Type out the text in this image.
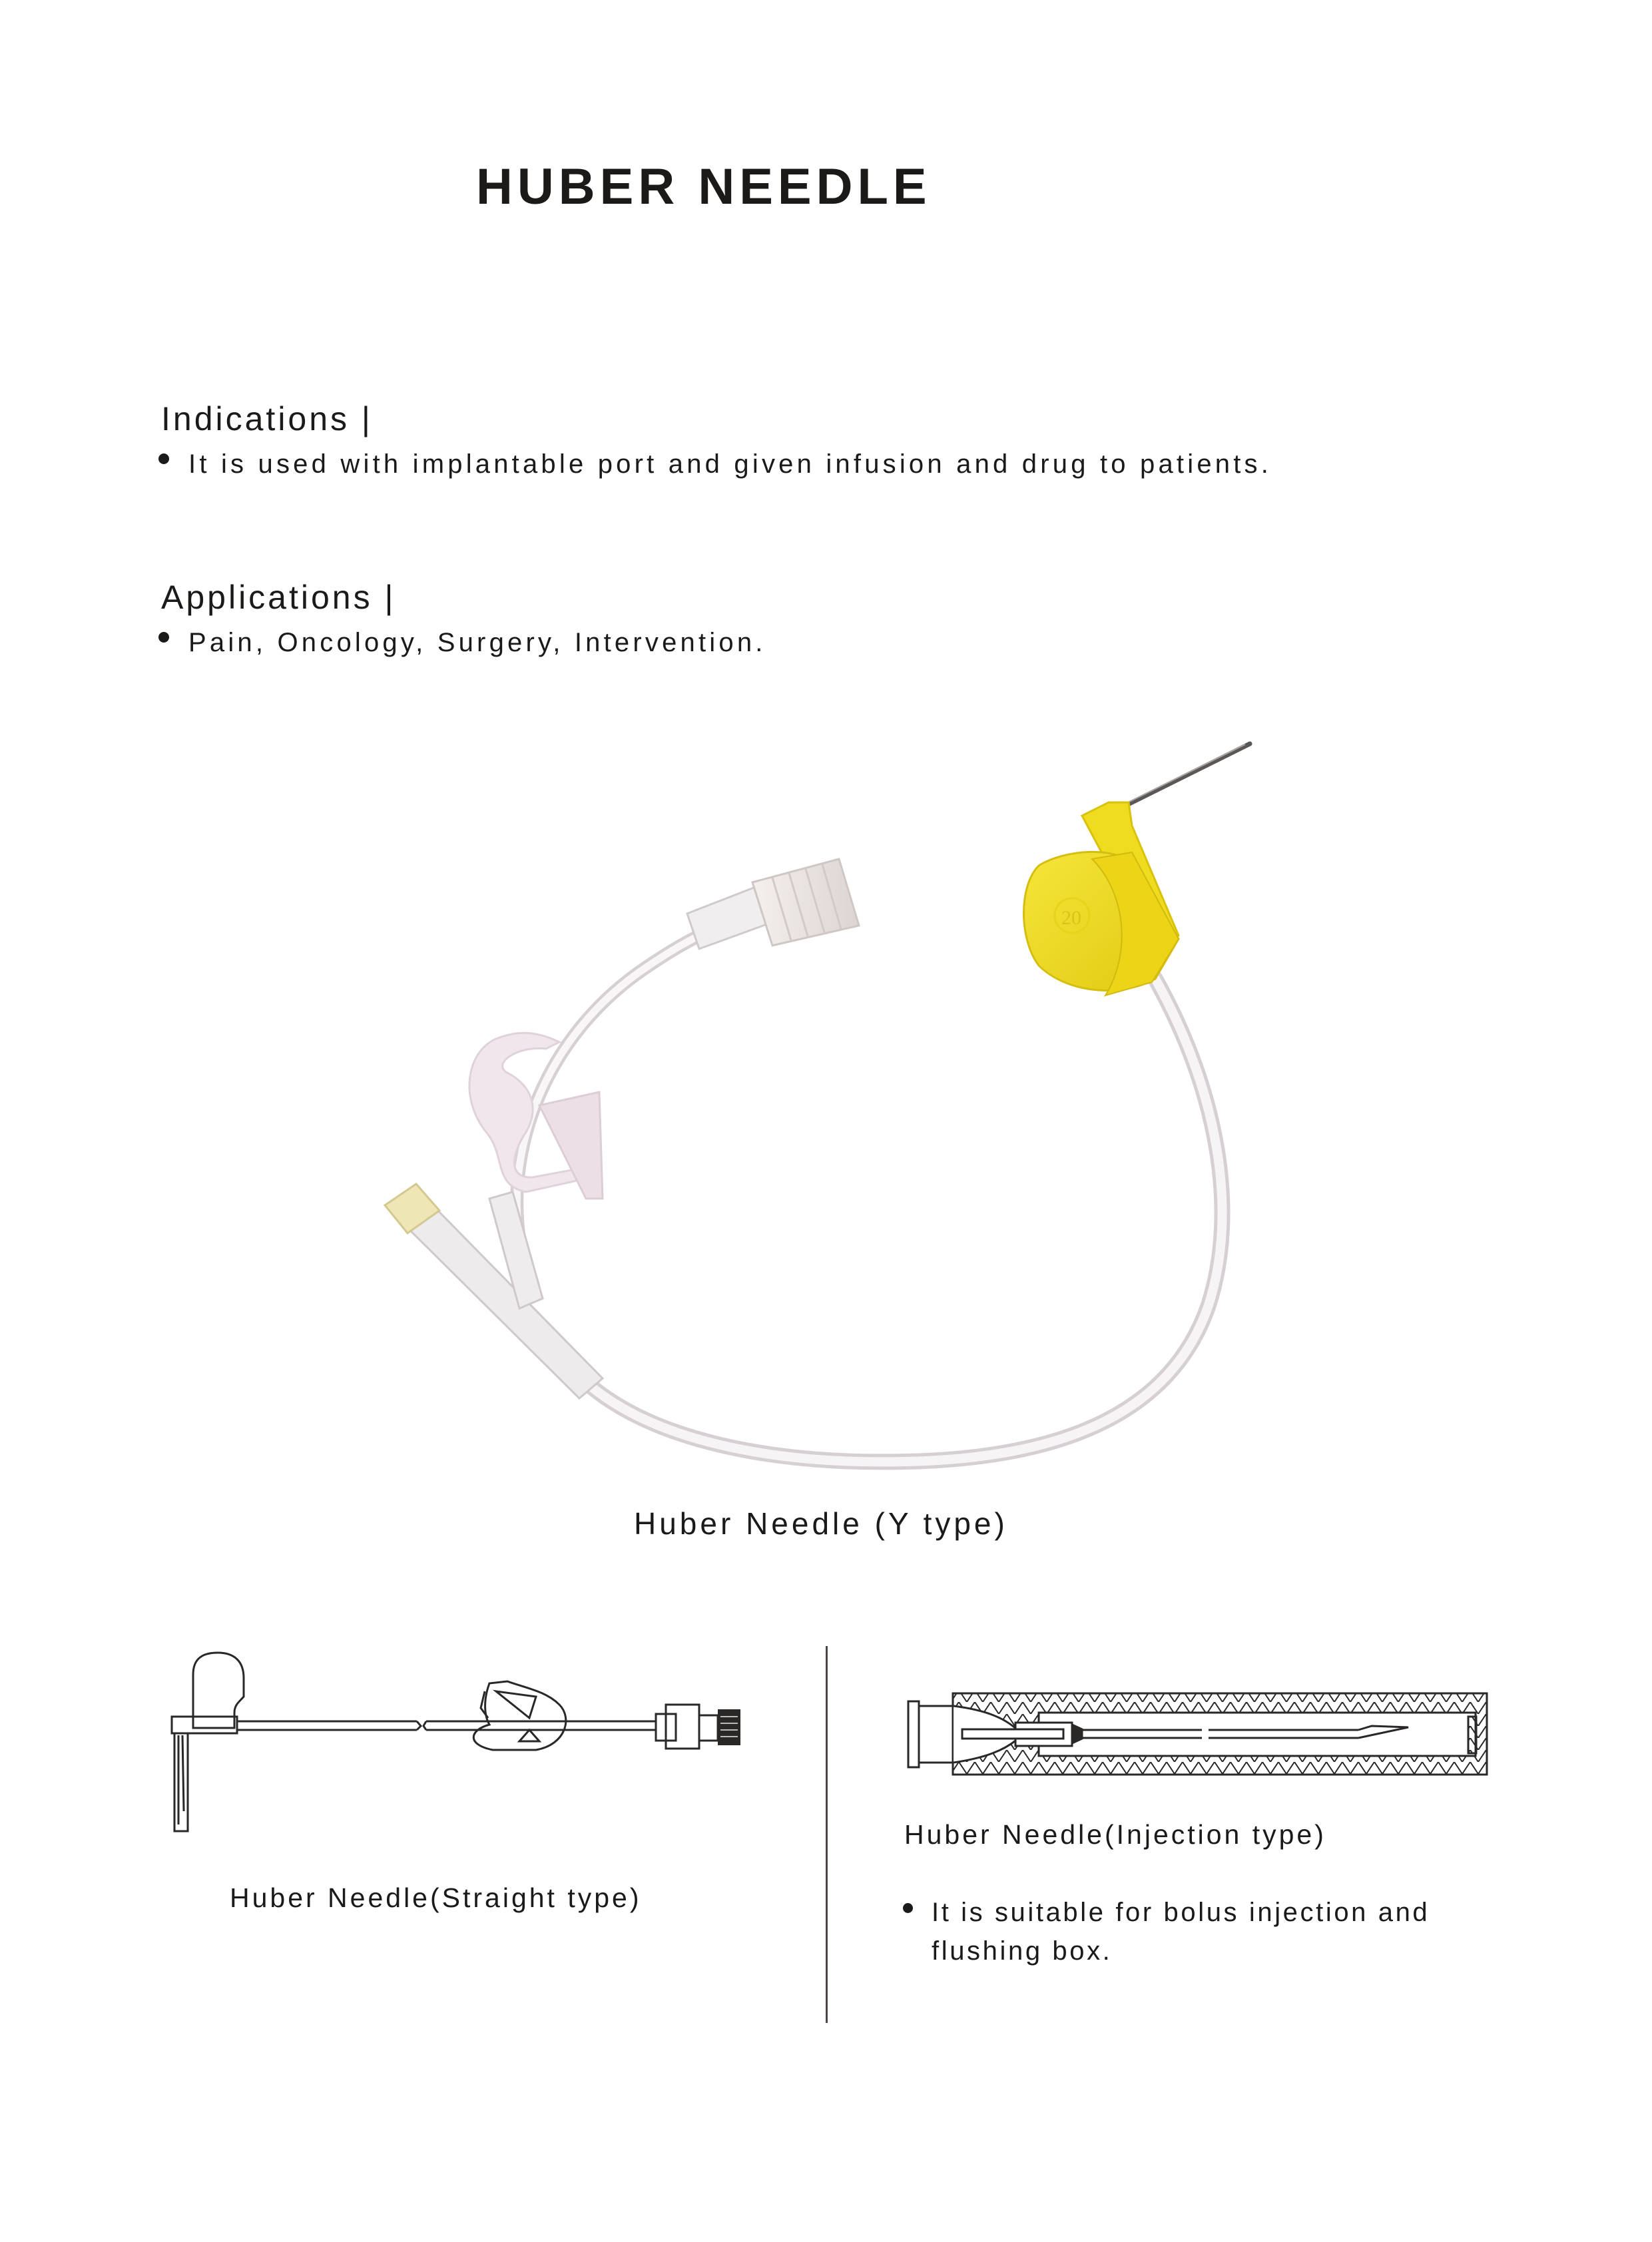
HUBER NEEDLE
Indications |
It is used with implantable port and given infusion and drug to patients.
Applications |
Pain, Oncology, Surgery, Intervention.
20
Huber Needle (Y type)
Huber Needle(Straight type)
Huber Needle(Injection type)
It is suitable for bolus injection and
flushing box.
